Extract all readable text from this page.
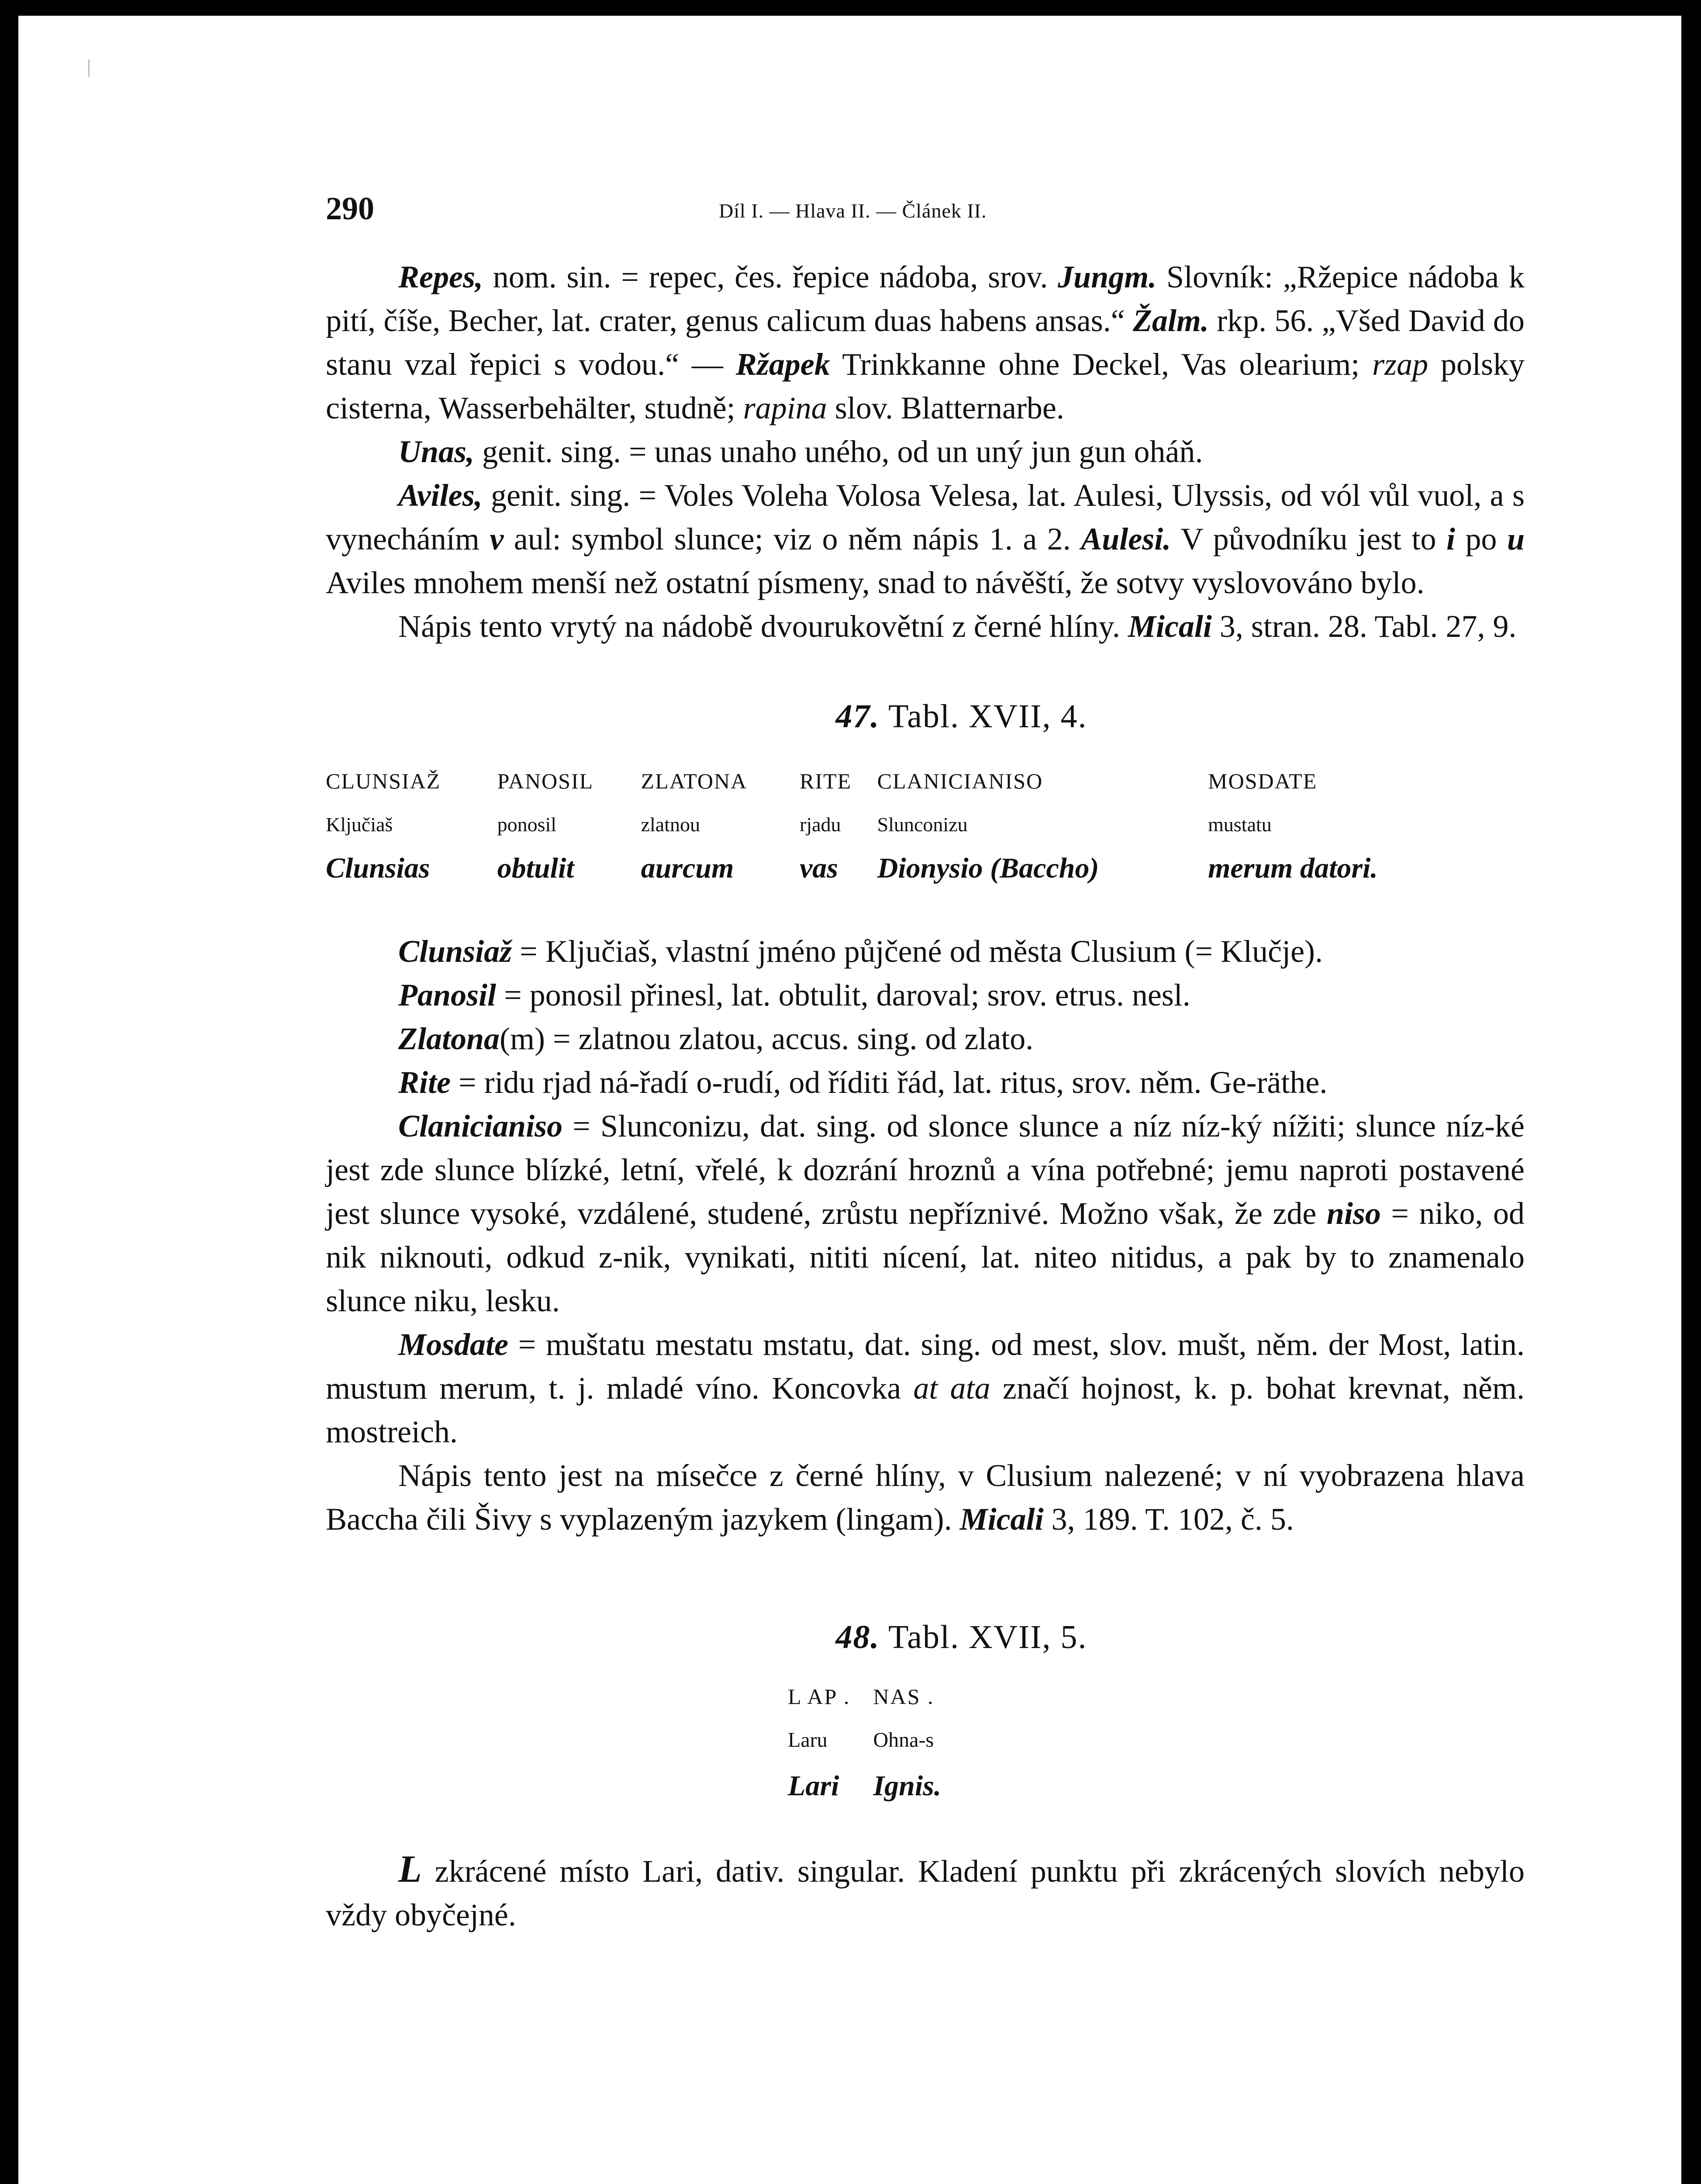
290	Díl I. — Hlava II. — Článek II.

Repes, nom. sin. = repec, čes. řepice nádoba, srov. Jungm. Slovník: „Ržepice nádoba k pití, číše, Becher, lat. crater, genus calicum duas habens ansas.“ Žalm. rkp. 56. „Všed David do stanu vzal řepici s vodou.“ — Ržapek Trinkkanne ohne Deckel, Vas olearium; rzap polsky cisterna, Wasserbehälter, studně; rapina slov. Blatternarbe.

Unas, genit. sing. = unas unaho uného, od un uný jun gun oháň.

Aviles, genit. sing. = Voles Voleha Volosa Velesa, lat. Aulesi, Ulyssis, od vól vůl vuol, a s vynecháním v aul: symbol slunce; viz o něm nápis 1. a 2. Aulesi. V původníku jest to i po u Aviles mnohem menší než ostatní písmeny, snad to návěští, že sotvy vyslovováno bylo.

Nápis tento vrytý na nádobě dvourukovětní z černé hlíny. Micali 3, stran. 28. Tabl. 27, 9.

47. Tabl. XVII, 4.

CLUNSIAŽ	PANOSIL	ZLATONA	RITE	CLANICIANISO	MOSDATE
Ključiaš	ponosil	zlatnou	rjadu	Slunconizu	mustatu
Clunsias	obtulit	aurcum	vas	Dionysio (Baccho)	merum datori.

Clunsiaž = Ključiaš, vlastní jméno půjčené od města Clusium (= Klučje).

Panosil = ponosil přinesl, lat. obtulit, daroval; srov. etrus. nesl.

Zlatona(m) = zlatnou zlatou, accus. sing. od zlato.

Rite = ridu rjad ná-řadí o-rudí, od říditi řád, lat. ritus, srov. něm. Ge-räthe.

Clanicianiso = Slunconizu, dat. sing. od slonce slunce a níz níz-ký nížiti; slunce níz-ké jest zde slunce blízké, letní, vřelé, k dozrání hroznů a vína potřebné; jemu naproti postavené jest slunce vysoké, vzdálené, studené, zrůstu nepříznivé. Možno však, že zde niso = niko, od nik niknouti, odkud z-nik, vynikati, nititi nícení, lat. niteo nitidus, a pak by to znamenalo slunce niku, lesku.

Mosdate = muštatu mestatu mstatu, dat. sing. od mest, slov. mušt, něm. der Most, latin. mustum merum, t. j. mladé víno. Koncovka at ata značí hojnost, k. p. bohat krevnat, něm. mostreich.

Nápis tento jest na mísečce z černé hlíny, v Clusium nalezené; v ní vyobrazena hlava Baccha čili Šivy s vyplazeným jazykem (lingam). Micali 3, 189. T. 102, č. 5.

48. Tabl. XVII, 5.

L AP .	NAS .
Laru	Ohna-s
Lari	Ignis.

L zkrácené místo Lari, dativ. singular. Kladení punktu při zkrácených slovích nebylo vždy obyčejné.
